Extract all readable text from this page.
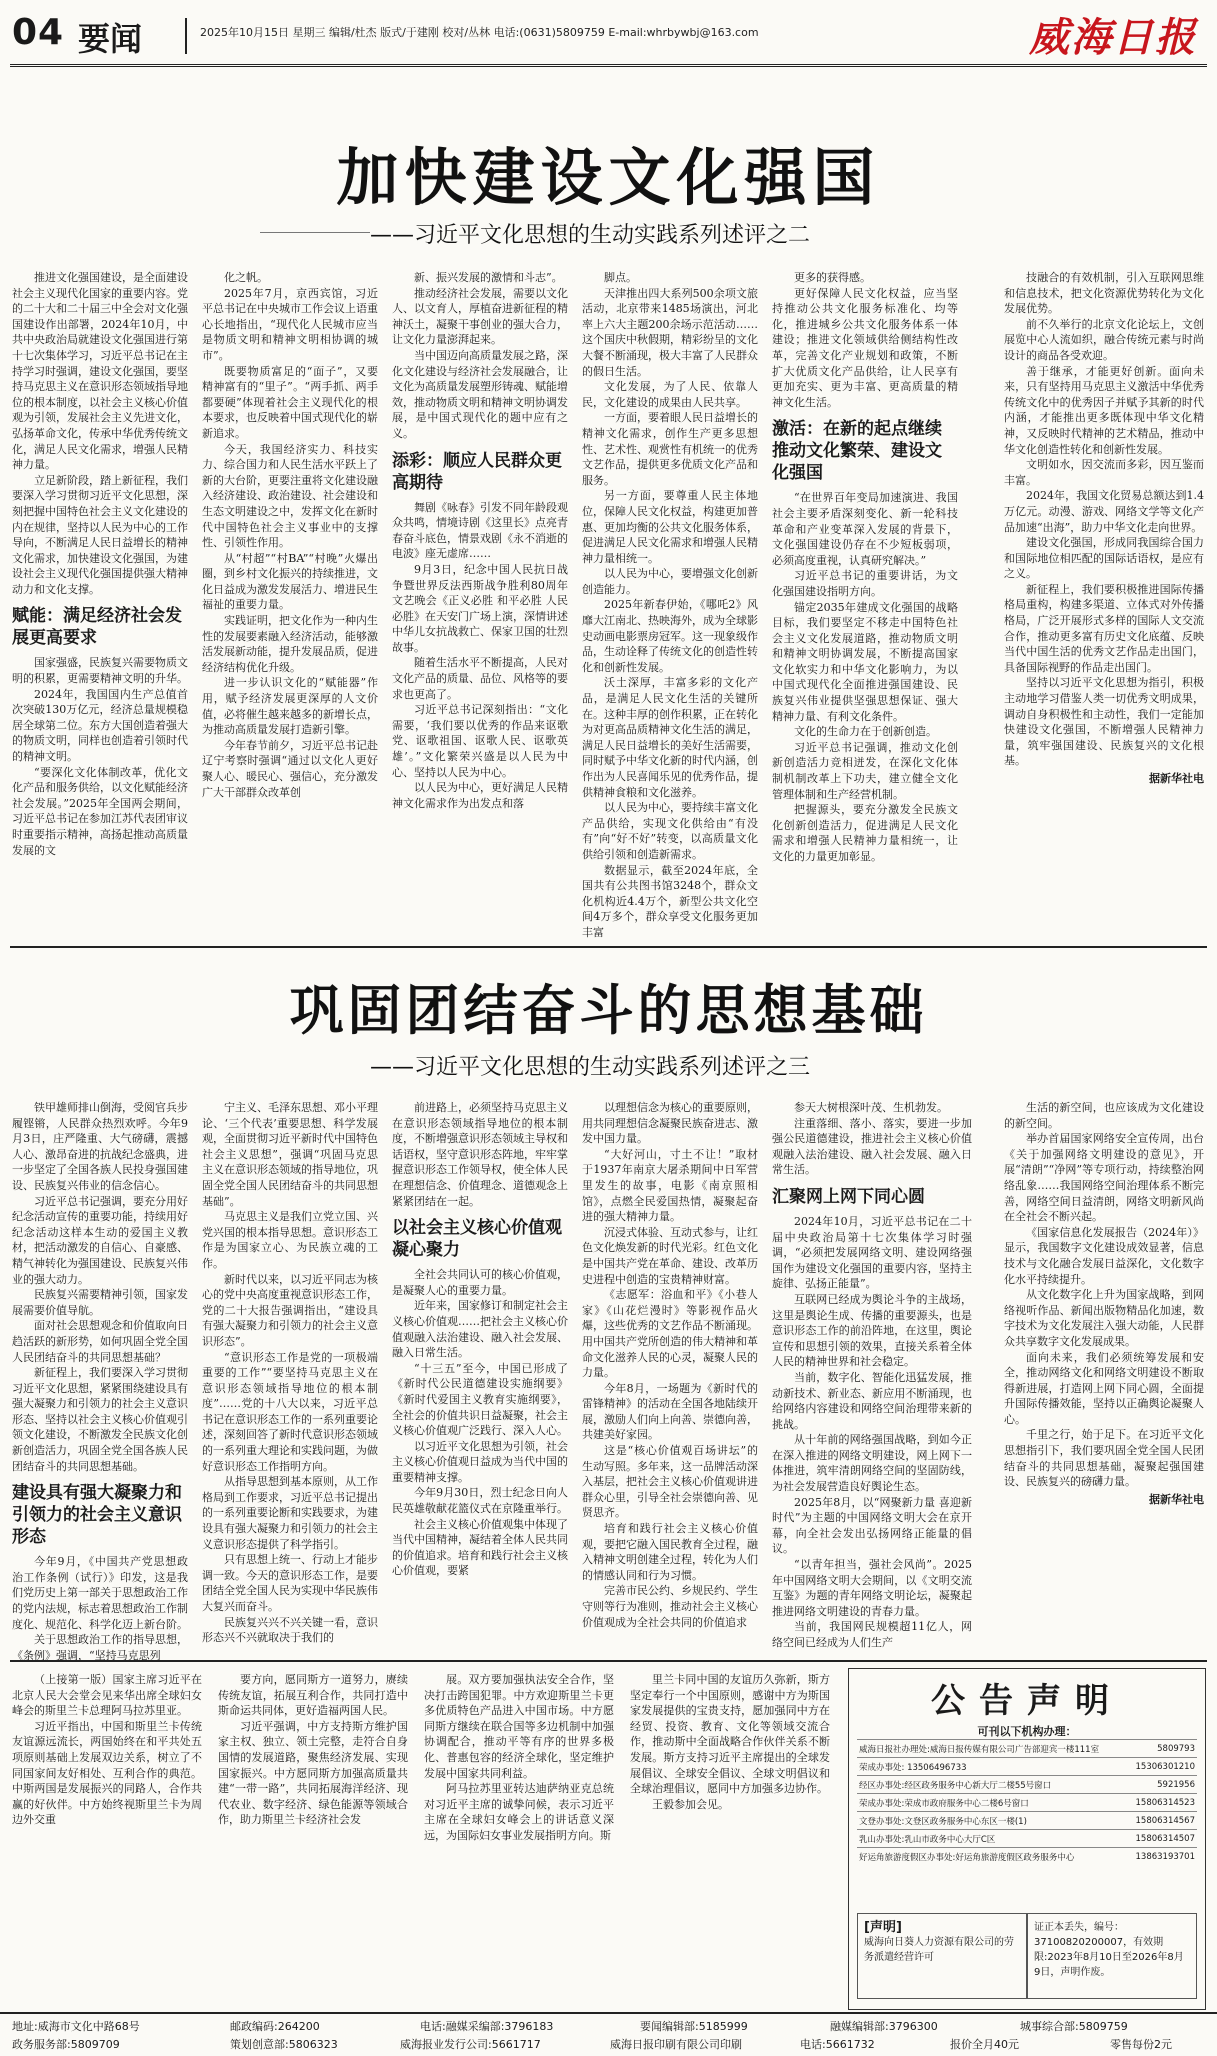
04 要闻	2025年10月15日 星期三 编辑/杜杰 版式/于建刚 校对/丛林 电话:(0631)5809759 E-mail:whrbywbj@163.com	威海日报
加快建设文化强国
——习近平文化思想的生动实践系列述评之二

推进文化强国建设，是全面建设社会主义现代化国家的重要内容。党的二十大和二十届三中全会对文化强国建设作出部署，2024年10月，中共中央政治局就建设文化强国进行第十七次集体学习，习近平总书记在主持学习时强调，建设文化强国，要坚持马克思主义在意识形态领域指导地位的根本制度，以社会主义核心价值观为引领，发展社会主义先进文化，弘扬革命文化，传承中华优秀传统文化，满足人民文化需求，增强人民精神力量。

立足新阶段，踏上新征程，我们要深入学习贯彻习近平文化思想，深刻把握中国特色社会主义文化建设的内在规律，坚持以人民为中心的工作导向，不断满足人民日益增长的精神文化需求，加快建设文化强国，为建设社会主义现代化强国提供强大精神动力和文化支撑。

赋能：满足经济社会发展更高要求

国家强盛，民族复兴需要物质文明的积累，更需要精神文明的升华。

2024年，我国国内生产总值首次突破130万亿元，经济总量规模稳居全球第二位。东方大国创造着强大的物质文明，同样也创造着引领时代的精神文明。

“要深化文化体制改革，优化文化产品和服务供给，以文化赋能经济社会发展。”2025年全国两会期间，习近平总书记在参加江苏代表团审议时重要指示精神，高扬起推动高质量发展的文

化之帆。

2025年7月，京西宾馆，习近平总书记在中央城市工作会议上语重心长地指出，“现代化人民城市应当是物质文明和精神文明相协调的城市”。

既要物质富足的“面子”，又要精神富有的“里子”。“两手抓、两手都要硬”体现着社会主义现代化的根本要求，也反映着中国式现代化的崭新追求。

今天，我国经济实力、科技实力、综合国力和人民生活水平跃上了新的大台阶，更要注重将文化建设融入经济建设、政治建设、社会建设和生态文明建设之中，发挥文化在新时代中国特色社会主义事业中的支撑性、引领性作用。

从“村超”“村BA”“村晚”火爆出圈，到乡村文化振兴的持续推进，文化日益成为激发发展活力、增进民生福祉的重要力量。

实践证明，把文化作为一种内生性的发展要素融入经济活动，能够激活发展新动能，提升发展品质，促进经济结构优化升级。

进一步认识文化的“赋能器”作用，赋予经济发展更深厚的人文价值，必将催生越来越多的新增长点，为推动高质量发展打造新引擎。

今年春节前夕，习近平总书记赴辽宁考察时强调“通过以文化人更好聚人心、暖民心、强信心，充分激发广大干部群众改革创

新、振兴发展的激情和斗志”。

推动经济社会发展，需要以文化人、以文育人，厚植奋进新征程的精神沃土，凝聚干事创业的强大合力，让文化力量澎湃起来。

当中国迈向高质量发展之路，深化文化建设与经济社会发展融合，让文化为高质量发展塑形铸魂、赋能增效，推动物质文明和精神文明协调发展，是中国式现代化的题中应有之义。

添彩：顺应人民群众更高期待

舞剧《咏春》引发不同年龄段观众共鸣，情境诗剧《这里长》点亮青春奋斗底色，情景戏剧《永不消逝的电波》座无虚席……

9月3日，纪念中国人民抗日战争暨世界反法西斯战争胜利80周年文艺晚会《正义必胜 和平必胜 人民必胜》在天安门广场上演，深情讲述中华儿女抗战救亡、保家卫国的壮烈故事。

随着生活水平不断提高，人民对文化产品的质量、品位、风格等的要求也更高了。

习近平总书记深刻指出：“文化需要，‘我们要以优秀的作品来讴歌党、讴歌祖国、讴歌人民、讴歌英雄’。”文化繁荣兴盛是以人民为中心、坚持以人民为中心。

以人民为中心，更好满足人民精神文化需求作为出发点和落

脚点。

天津推出四大系列500余项文旅活动，北京带来1485场演出，河北率上六大主题200余场示范活动……这个国庆中秋假期，精彩纷呈的文化大餐不断涌现，极大丰富了人民群众的假日生活。

文化发展，为了人民、依靠人民，文化建设的成果由人民共享。

一方面，要着眼人民日益增长的精神文化需求，创作生产更多思想性、艺术性、观赏性有机统一的优秀文艺作品，提供更多优质文化产品和服务。

另一方面，要尊重人民主体地位，保障人民文化权益，构建更加普惠、更加均衡的公共文化服务体系，促进满足人民文化需求和增强人民精神力量相统一。

以人民为中心，要增强文化创新创造能力。

2025年新春伊始，《哪吒2》风靡大江南北、热映海外，成为全球影史动画电影票房冠军。这一现象级作品，生动诠释了传统文化的创造性转化和创新性发展。

沃土深厚，丰富多彩的文化产品，是满足人民文化生活的关键所在。这种丰厚的创作积累，正在转化为对更高品质精神文化生活的满足，满足人民日益增长的美好生活需要，同时赋予中华文化新的时代内涵，创作出为人民喜闻乐见的优秀作品，提供精神食粮和文化滋养。

以人民为中心，要持续丰富文化产品供给，实现文化供给由“有没有”向“好不好”转变，以高质量文化供给引领和创造新需求。

数据显示，截至2024年底，全国共有公共图书馆3248个，群众文化机构近4.4万个，新型公共文化空间4万多个，群众享受文化服务更加丰富

更多的获得感。

更好保障人民文化权益，应当坚持推动公共文化服务标准化、均等化，推进城乡公共文化服务体系一体建设；推进文化领域供给侧结构性改革，完善文化产业规划和政策，不断扩大优质文化产品供给，让人民享有更加充实、更为丰富、更高质量的精神文化生活。

激活：在新的起点继续推动文化繁荣、建设文化强国

“在世界百年变局加速演进、我国社会主要矛盾深刻变化、新一轮科技革命和产业变革深入发展的背景下，文化强国建设仍存在不少短板弱项，必须高度重视，认真研究解决。”

习近平总书记的重要讲话，为文化强国建设指明方向。

锚定2035年建成文化强国的战略目标，我们要坚定不移走中国特色社会主义文化发展道路，推动物质文明和精神文明协调发展，不断提高国家文化软实力和中华文化影响力，为以中国式现代化全面推进强国建设、民族复兴伟业提供坚强思想保证、强大精神力量、有利文化条件。

文化的生命力在于创新创造。

习近平总书记强调，推动文化创新创造活力竞相迸发，在深化文化体制机制改革上下功夫，建立健全文化管理体制和生产经营机制。

把握源头，要充分激发全民族文化创新创造活力，促进满足人民文化需求和增强人民精神力量相统一，让文化的力量更加彰显。

技融合的有效机制，引入互联网思维和信息技术，把文化资源优势转化为文化发展优势。

前不久举行的北京文化论坛上，文创展览中心人流如织，融合传统元素与时尚设计的商品各受欢迎。

善于继承，才能更好创新。面向未来，只有坚持用马克思主义激活中华优秀传统文化中的优秀因子并赋予其新的时代内涵，才能推出更多既体现中华文化精神，又反映时代精神的艺术精品，推动中华文化创造性转化和创新性发展。

文明如水，因交流而多彩，因互鉴而丰富。

2024年，我国文化贸易总额达到1.4万亿元。动漫、游戏、网络文学等文化产品加速“出海”，助力中华文化走向世界。

建设文化强国，形成同我国综合国力和国际地位相匹配的国际话语权，是应有之义。

新征程上，我们要积极推进国际传播格局重构，构建多渠道、立体式对外传播格局，广泛开展形式多样的国际人文交流合作，推动更多富有历史文化底蕴、反映当代中国生活的优秀文艺作品走出国门，具备国际视野的作品走出国门。

坚持以习近平文化思想为指引，积极主动地学习借鉴人类一切优秀文明成果，调动自身积极性和主动性，我们一定能加快建设文化强国，不断增强人民精神力量，筑牢强国建设、民族复兴的文化根基。

据新华社电

巩固团结奋斗的思想基础
——习近平文化思想的生动实践系列述评之三

铁甲雄师排山倒海，受阅官兵步履铿锵，人民群众热烈欢呼。今年9月3日，庄严隆重、大气磅礴，震撼人心、激昂奋进的抗战纪念盛典，进一步坚定了全国各族人民投身强国建设、民族复兴伟业的信念信心。

习近平总书记强调，要充分用好纪念活动宣传的重要功能，持续用好纪念活动这样本生动的爱国主义教材，把活动激发的自信心、自豪感、精气神转化为强国建设、民族复兴伟业的强大动力。

民族复兴需要精神引领，国家发展需要价值导航。

面对社会思想观念和价值取向日趋活跃的新形势，如何巩固全党全国人民团结奋斗的共同思想基础？

新征程上，我们要深入学习贯彻习近平文化思想，紧紧围绕建设具有强大凝聚力和引领力的社会主义意识形态、坚持以社会主义核心价值观引领文化建设，不断激发全民族文化创新创造活力，巩固全党全国各族人民团结奋斗的共同思想基础。

建设具有强大凝聚力和引领力的社会主义意识形态

今年9月，《中国共产党思想政治工作条例（试行）》印发，这是我们党历史上第一部关于思想政治工作的党内法规，标志着思想政治工作制度化、规范化、科学化迈上新台阶。

关于思想政治工作的指导思想，《条例》强调，“坚持马克思列

宁主义、毛泽东思想、邓小平理论、‘三个代表’重要思想、科学发展观，全面贯彻习近平新时代中国特色社会主义思想”，强调“巩固马克思主义在意识形态领域的指导地位，巩固全党全国人民团结奋斗的共同思想基础”。

马克思主义是我们立党立国、兴党兴国的根本指导思想。意识形态工作是为国家立心、为民族立魂的工作。

新时代以来，以习近平同志为核心的党中央高度重视意识形态工作，党的二十大报告强调指出，“建设具有强大凝聚力和引领力的社会主义意识形态”。

“意识形态工作是党的一项极端重要的工作”“要坚持马克思主义在意识形态领域指导地位的根本制度”……党的十八大以来，习近平总书记在意识形态工作的一系列重要论述，深刻回答了新时代意识形态领域的一系列重大理论和实践问题，为做好意识形态工作指明方向。

从指导思想到基本原则，从工作格局到工作要求，习近平总书记提出的一系列重要论断和实践要求，为建设具有强大凝聚力和引领力的社会主义意识形态提供了科学指引。

只有思想上统一、行动上才能步调一致。今天的意识形态工作，是要团结全党全国人民为实现中华民族伟大复兴而奋斗。

民族复兴兴不兴关键一看，意识形态兴不兴就取决于我们的

前进路上，必须坚持马克思主义在意识形态领域指导地位的根本制度，不断增强意识形态领域主导权和话语权，坚守意识形态阵地，牢牢掌握意识形态工作领导权，使全体人民在理想信念、价值理念、道德观念上紧紧团结在一起。

以社会主义核心价值观凝心聚力

全社会共同认可的核心价值观，是凝聚人心的重要力量。

近年来，国家修订和制定社会主义核心价值观……把社会主义核心价值观融入法治建设、融入社会发展、融入日常生活。

“十三五”至今，中国已形成了《新时代公民道德建设实施纲要》《新时代爱国主义教育实施纲要》，全社会的价值共识日益凝聚，社会主义核心价值观广泛践行、深入人心。

以习近平文化思想为引领，社会主义核心价值观日益成为当代中国的重要精神支撑。

今年9月30日，烈士纪念日向人民英雄敬献花篮仪式在京隆重举行。

社会主义核心价值观集中体现了当代中国精神，凝结着全体人民共同的价值追求。培育和践行社会主义核心价值观，要紧

以理想信念为核心的重要原则，用共同理想信念凝聚民族奋进志、激发中国力量。

“大好河山，寸土不让！”取材于1937年南京大屠杀期间中日军营里发生的故事，电影《南京照相馆》，点燃全民爱国热情，凝聚起奋进的强大精神力量。

沉浸式体验、互动式参与，让红色文化焕发新的时代光彩。红色文化是中国共产党在革命、建设、改革历史进程中创造的宝贵精神财富。

《志愿军：浴血和平》《小巷人家》《山花烂漫时》等影视作品火爆，这些优秀的文艺作品不断涌现。用中国共产党所创造的伟大精神和革命文化滋养人民的心灵，凝聚人民的力量。

今年8月，一场题为《新时代的雷锋精神》的活动在全国各地陆续开展，激励人们向上向善、崇德向善，共建美好家园。

这是“核心价值观百场讲坛”的生动写照。多年来，这一品牌活动深入基层，把社会主义核心价值观讲进群众心里，引导全社会崇德向善、见贤思齐。

培育和践行社会主义核心价值观，要把它融入国民教育全过程，融入精神文明创建全过程，转化为人们的情感认同和行为习惯。

完善市民公约、乡规民约、学生守则等行为准则，推动社会主义核心价值观成为全社会共同的价值追求

参天大树根深叶茂、生机勃发。

注重落细、落小、落实，要进一步加强公民道德建设，推进社会主义核心价值观融入法治建设、融入社会发展、融入日常生活。

汇聚网上网下同心圆

2024年10月，习近平总书记在二十届中央政治局第十七次集体学习时强调，“必须把发展网络文明、建设网络强国作为建设文化强国的重要内容，坚持主旋律、弘扬正能量”。

互联网已经成为舆论斗争的主战场，这里是舆论生成、传播的重要源头，也是意识形态工作的前沿阵地，在这里，舆论宣传和思想引领的效果，直接关系着全体人民的精神世界和社会稳定。

当前，数字化、智能化迅猛发展，推动新技术、新业态、新应用不断涌现，也给网络内容建设和网络空间治理带来新的挑战。

从十年前的网络强国战略，到如今正在深入推进的网络文明建设，网上网下一体推进，筑牢清朗网络空间的坚固防线，为社会发展营造良好舆论生态。

2025年8月，以“网聚新力量 喜迎新时代”为主题的中国网络文明大会在京开幕，向全社会发出弘扬网络正能量的倡议。

“以青年担当，强社会风尚”。2025年中国网络文明大会期间，以《文明交流互鉴》为题的青年网络文明论坛，凝聚起推进网络文明建设的青春力量。

当前，我国网民规模超11亿人，网络空间已经成为人们生产

生活的新空间，也应该成为文化建设的新空间。

举办首届国家网络安全宣传周，出台《关于加强网络文明建设的意见》，开展“清朗”“净网”等专项行动，持续整治网络乱象……我国网络空间治理体系不断完善，网络空间日益清朗，网络文明新风尚在全社会不断兴起。

《国家信息化发展报告（2024年）》显示，我国数字文化建设成效显著，信息技术与文化融合发展日益深化，文化数字化水平持续提升。

从文化数字化上升为国家战略，到网络视听作品、新闻出版物精品化加速，数字技术为文化发展注入强大动能，人民群众共享数字文化发展成果。

面向未来，我们必须统筹发展和安全，推动网络文化和网络文明建设不断取得新进展，打造网上网下同心圆，全面提升国际传播效能，坚持以正确舆论凝聚人心。

千里之行，始于足下。在习近平文化思想指引下，我们要巩固全党全国人民团结奋斗的共同思想基础，凝聚起强国建设、民族复兴的磅礴力量。

据新华社电

（上接第一版）国家主席习近平在北京人民大会堂会见来华出席全球妇女峰会的斯里兰卡总理阿马拉苏里亚。

习近平指出，中国和斯里兰卡传统友谊源远流长，两国始终在和平共处五项原则基础上发展双边关系，树立了不同国家间友好相处、互利合作的典范。中斯两国是发展振兴的同路人，合作共赢的好伙伴。中方始终视斯里兰卡为周边外交重

要方向，愿同斯方一道努力，赓续传统友谊，拓展互利合作，共同打造中斯命运共同体，更好造福两国人民。

习近平强调，中方支持斯方维护国家主权、独立、领土完整，走符合自身国情的发展道路，聚焦经济发展、实现国家振兴。中方愿同斯方加强高质量共建“一带一路”，共同拓展海洋经济、现代农业、数字经济、绿色能源等领域合作，助力斯里兰卡经济社会发

展。双方要加强执法安全合作，坚决打击跨国犯罪。中方欢迎斯里兰卡更多优质特色产品进入中国市场。中方愿同斯方继续在联合国等多边机制中加强协调配合，推动平等有序的世界多极化、普惠包容的经济全球化，坚定维护发展中国家共同利益。

阿马拉苏里亚转达迪萨纳亚克总统对习近平主席的诚挚问候，表示习近平主席在全球妇女峰会上的讲话意义深远，为国际妇女事业发展指明方向。斯

里兰卡同中国的友谊历久弥新，斯方坚定奉行一个中国原则，感谢中方为斯国家发展提供的宝贵支持，愿加强同中方在经贸、投资、教育、文化等领域交流合作，推动斯中全面战略合作伙伴关系不断发展。斯方支持习近平主席提出的全球发展倡议、全球安全倡议、全球文明倡议和全球治理倡议，愿同中方加强多边协作。

王毅参加会见。

公告声明
可刊以下机构办理：
威海日报社办理处:威海日报传媒有限公司广告部迎宾一楼111室	5809793
荣成办事处: 13506496733	15306301210
经区办事处:经区政务服务中心新大厅二楼55号窗口	5921956
荣成办事处:荣成市政府服务中心二楼6号窗口	15806314523
文登办事处:文登区政务服务中心东区一楼(1)	15806314567
乳山办事处:乳山市政务中心大厅C区	15806314507
好运角旅游度假区办事处:好运角旅游度假区政务服务中心	13863193701
[声明]
威海向日葵人力资源有限公司的劳务派遣经营许可
证正本丢失，编号：37100820200007，有效期限:2023年8月10日至2026年8月9日，声明作废。
地址:威海市文化中路68号	邮政编码:264200	电话:融媒采编部:3796183	要闻编辑部:5185999	融媒编辑部:3796300	城事综合部:5809759
政务服务部:5809709	策划创意部:5806323	威海报业发行公司:5661717	威海日报印刷有限公司印刷	电话:5661732	报价全月40元	零售每份2元
